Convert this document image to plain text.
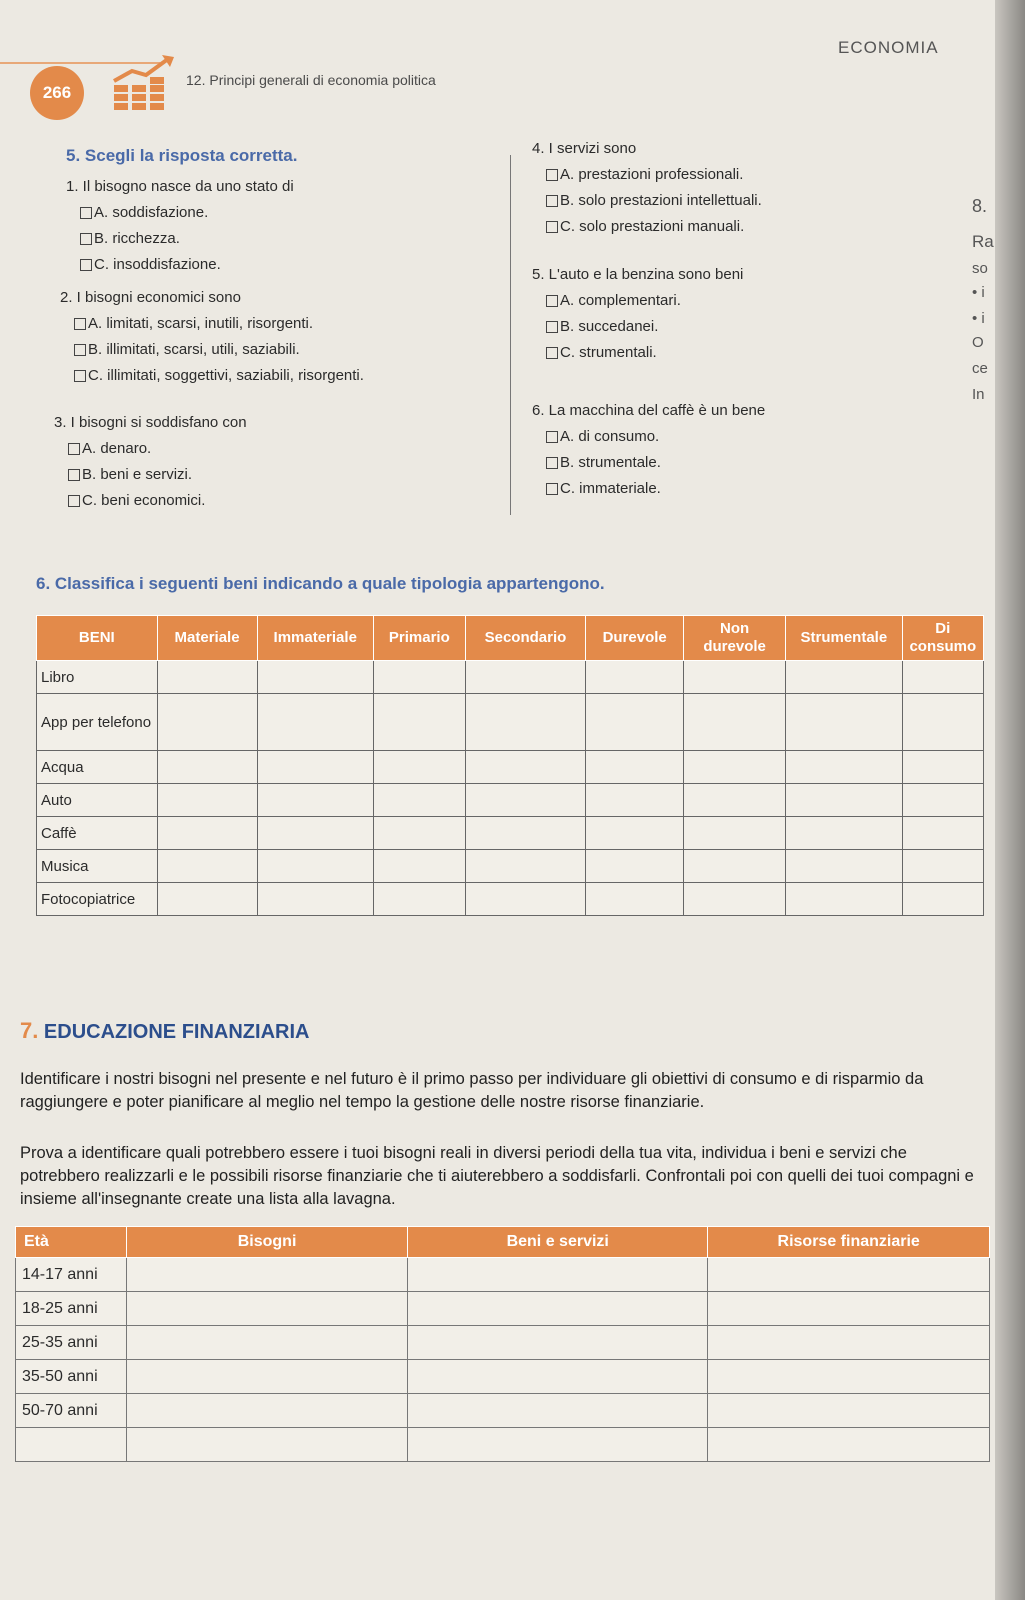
266
12. Principi generali di economia politica
ECONOMIA
5. Scegli la risposta corretta.
1. Il bisogno nasce da uno stato di
A. soddisfazione.
B. ricchezza.
C. insoddisfazione.
2. I bisogni economici sono
A. limitati, scarsi, inutili, risorgenti.
B. illimitati, scarsi, utili, saziabili.
C. illimitati, soggettivi, saziabili, risorgenti.
3. I bisogni si soddisfano con
A. denaro.
B. beni e servizi.
C. beni economici.
4. I servizi sono
A. prestazioni professionali.
B. solo prestazioni intellettuali.
C. solo prestazioni manuali.
5. L'auto e la benzina sono beni
A. complementari.
B. succedanei.
C. strumentali.
6. La macchina del caffè è un bene
A. di consumo.
B. strumentale.
C. immateriale.
8.
Ra
so
• i
• i
O
ce
In
6. Classifica i seguenti beni indicando a quale tipologia appartengono.
BENI	Materiale	Immateriale	Primario	Secondario	Durevole	Non durevole	Strumentale	Di consumo
Libro								
App per telefono								
Acqua								
Auto								
Caffè								
Musica								
Fotocopiatrice								
7. EDUCAZIONE FINANZIARIA
Identificare i nostri bisogni nel presente e nel futuro è il primo passo per individuare gli obiettivi di consumo e di risparmio da raggiungere e poter pianificare al meglio nel tempo la gestione delle nostre risorse finanziarie.
Prova a identificare quali potrebbero essere i tuoi bisogni reali in diversi periodi della tua vita, individua i beni e servizi che potrebbero realizzarli e le possibili risorse finanziarie che ti aiuterebbero a soddisfarli. Confrontali poi con quelli dei tuoi compagni e insieme all'insegnante create una lista alla lavagna.
Età	Bisogni	Beni e servizi	Risorse finanziarie
14-17 anni			
18-25 anni			
25-35 anni			
35-50 anni			
50-70 anni			
